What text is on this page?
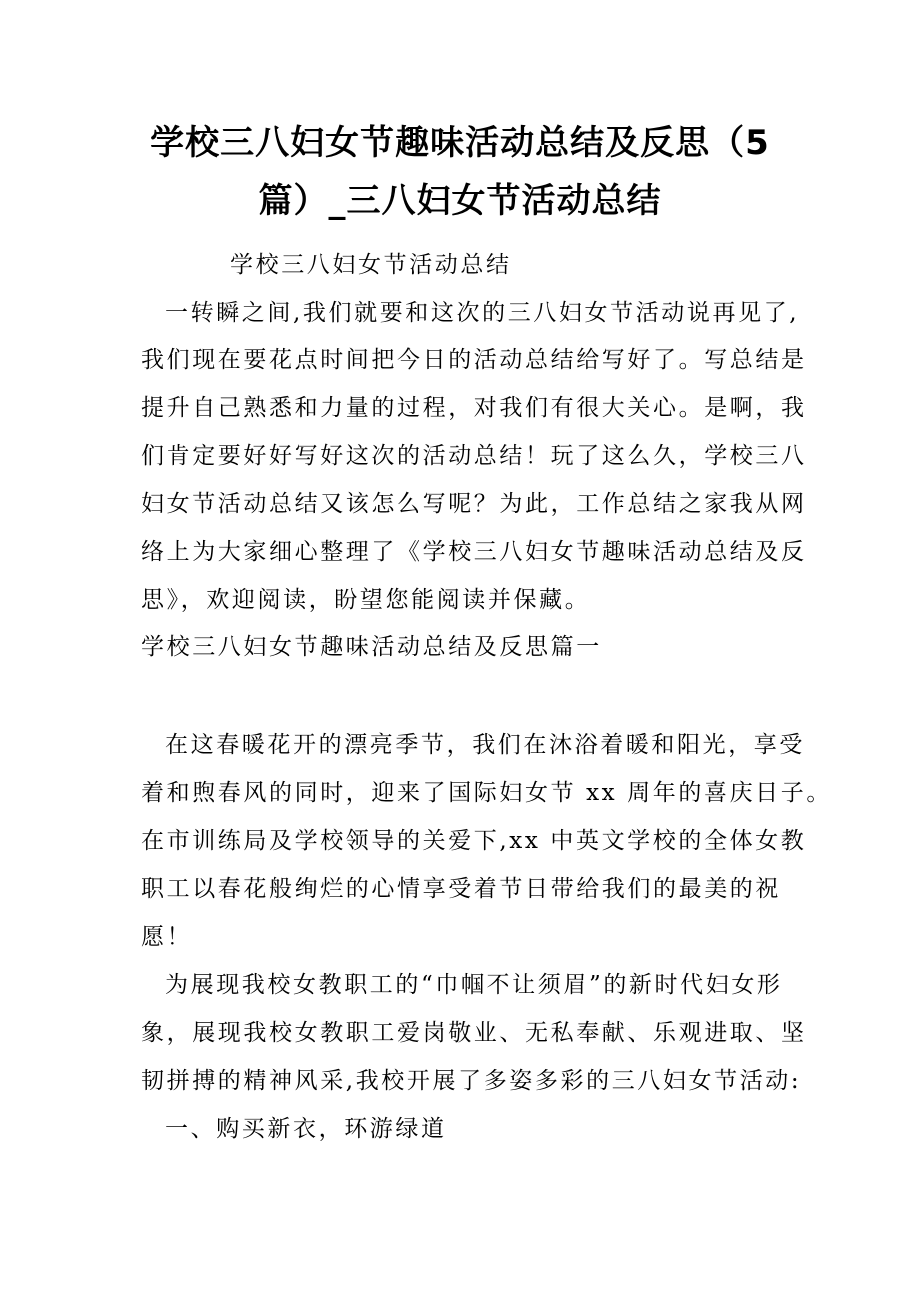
学校三八妇女节趣味活动总结及反思（5
篇）_三八妇女节活动总结

学校三八妇女节活动总结

一转瞬之间,我们就要和这次的三八妇女节活动说再见了,

我们现在要花点时间把今日的活动总结给写好了。写总结是

提升自己熟悉和力量的过程，对我们有很大关心。是啊，我

们肯定要好好写好这次的活动总结！玩了这么久，学校三八

妇女节活动总结又该怎么写呢？为此，工作总结之家我从网

络上为大家细心整理了《学校三八妇女节趣味活动总结及反

思》，欢迎阅读，盼望您能阅读并保藏。

学校三八妇女节趣味活动总结及反思篇一

在这春暖花开的漂亮季节，我们在沐浴着暖和阳光，享受

着和煦春风的同时，迎来了国际妇女节 xx 周年的喜庆日子。

在市训练局及学校领导的关爱下,xx 中英文学校的全体女教

职工以春花般绚烂的心情享受着节日带给我们的最美的祝

愿！

为展现我校女教职工的“巾帼不让须眉”的新时代妇女形

象，展现我校女教职工爱岗敬业、无私奉献、乐观进取、坚

韧拼搏的精神风采,我校开展了多姿多彩的三八妇女节活动:

一、购买新衣，环游绿道
